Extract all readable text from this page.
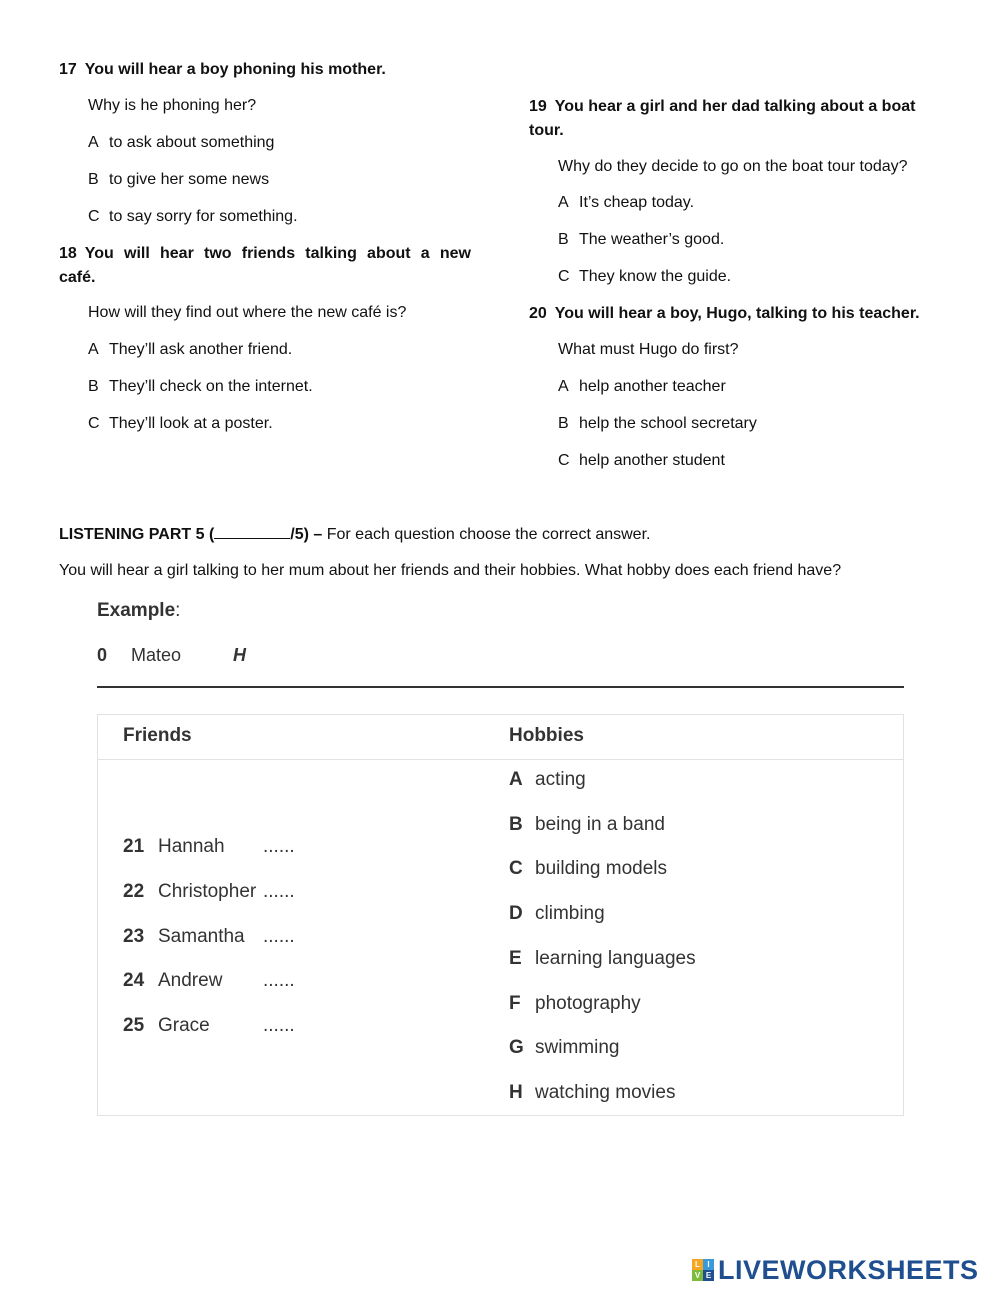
17 You will hear a boy phoning his mother.
Why is he phoning her?
A to ask about something
B to give her some news
C to say sorry for something.
18 You will hear two friends talking about a new
café.
How will they find out where the new café is?
A They’ll ask another friend.
B They’ll check on the internet.
C They’ll look at a poster.
19 You hear a girl and her dad talking about a boat
tour.
Why do they decide to go on the boat tour today?
A It’s cheap today.
B The weather’s good.
C They know the guide.
20 You will hear a boy, Hugo, talking to his teacher.
What must Hugo do first?
A help another teacher
B help the school secretary
C help another student
LISTENING PART 5 (	/5) – For each question choose the correct answer.
You will hear a girl talking to her mum about her friends and their hobbies. What hobby does each friend have?
Example:
0 Mateo	H
Friends	Hobbies
21 Hannah ......
22 Christopher ......
23 Samantha ......
24 Andrew ......
25 Grace	......
A acting
B being in a band
C building models
D climbing
E learning languages
F photography
G swimming
H watching movies
L I
V E LIVEWORKSHEETS
